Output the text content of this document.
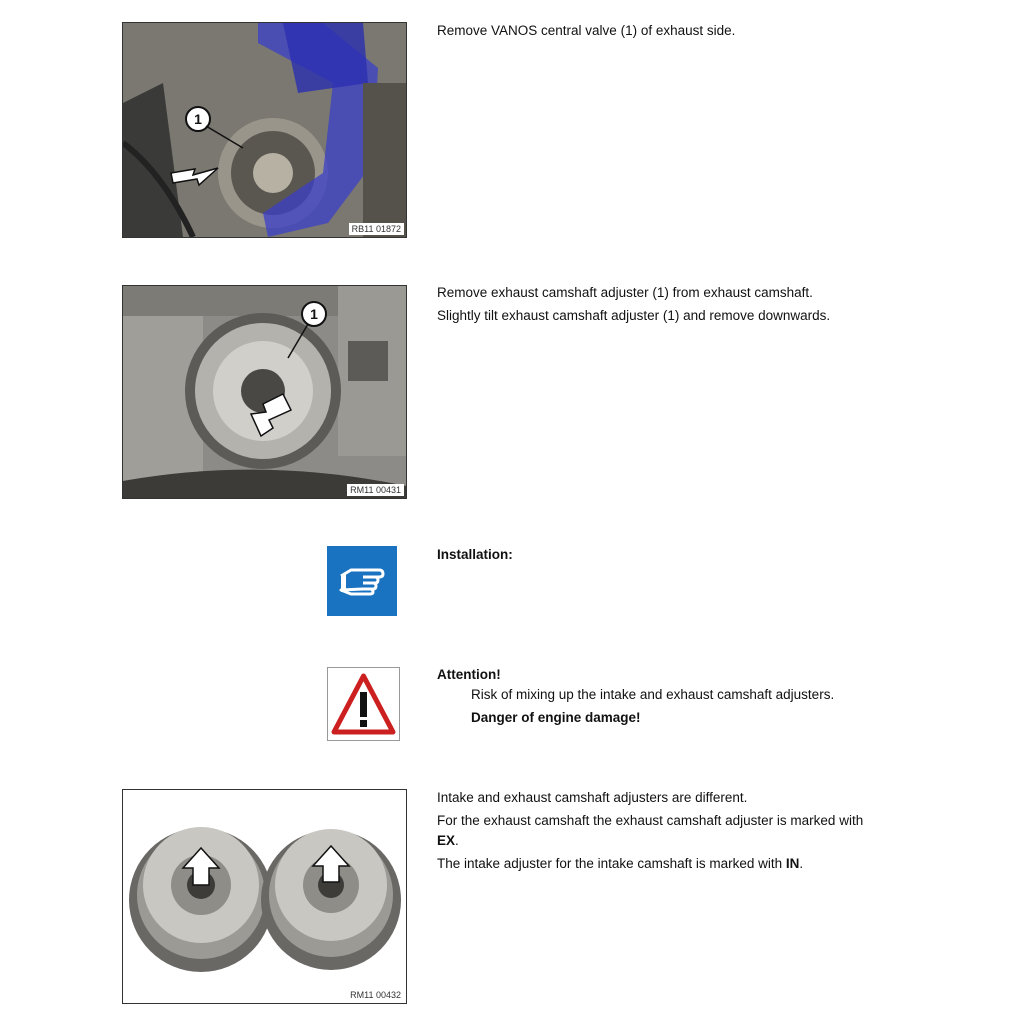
1
RB11 01872

Remove VANOS central valve (1) of exhaust side.

1
RM11 00431

Remove exhaust camshaft adjuster (1) from exhaust camshaft.

Slightly tilt exhaust camshaft adjuster (1) and remove downwards.

Installation:

Attention!

Risk of mixing up the intake and exhaust camshaft adjusters.

Danger of engine damage!

RM11 00432

Intake and exhaust camshaft adjusters are different.

For the exhaust camshaft the exhaust camshaft adjuster is marked with
EX.

The intake adjuster for the intake camshaft is marked with IN.
